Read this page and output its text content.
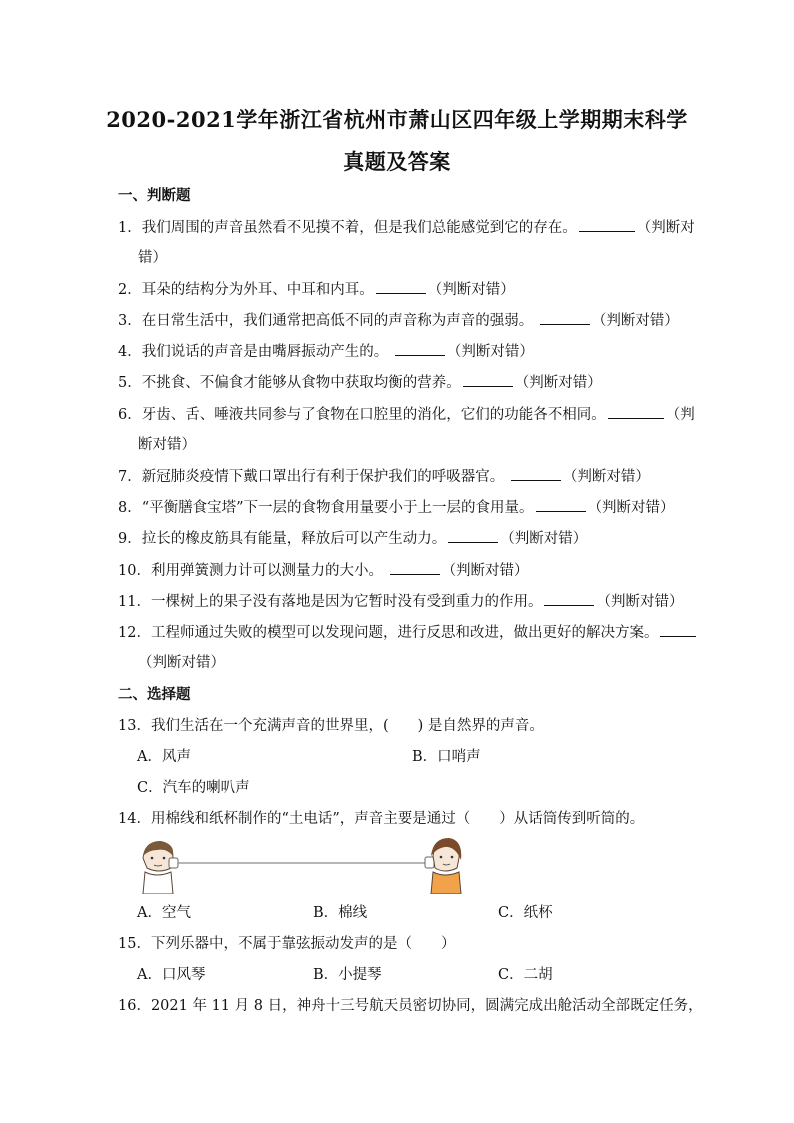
2020-2021学年浙江省杭州市萧山区四年级上学期期末科学
真题及答案
一、判断题
1．我们周围的声音虽然看不见摸不着，但是我们总能感觉到它的存在。	（判断对
错）
2．耳朵的结构分为外耳、中耳和内耳。	（判断对错）
3．在日常生活中，我们通常把高低不同的声音称为声音的强弱。	（判断对错）
4．我们说话的声音是由嘴唇振动产生的。	（判断对错）
5．不挑食、不偏食才能够从食物中获取均衡的营养。	（判断对错）
6．牙齿、舌、唾液共同参与了食物在口腔里的消化，它们的功能各不相同。	（判
断对错）
7．新冠肺炎疫情下戴口罩出行有利于保护我们的呼吸器官。	（判断对错）
8．“平衡膳食宝塔”下一层的食物食用量要小于上一层的食用量。	（判断对错）
9．拉长的橡皮筋具有能量，释放后可以产生动力。	（判断对错）
10．利用弹簧测力计可以测量力的大小。	（判断对错）
11．一棵树上的果子没有落地是因为它暂时没有受到重力的作用。	（判断对错）
12．工程师通过失败的模型可以发现问题，进行反思和改进，做出更好的解决方案。
（判断对错）
二、选择题
13．我们生活在一个充满声音的世界里，(　　) 是自然界的声音。
A．风声	B．口哨声
C．汽车的喇叭声
14．用棉线和纸杯制作的“土电话”，声音主要是通过（　　）从话筒传到听筒的。
A．空气	B．棉线	C．纸杯
15．下列乐器中，不属于靠弦振动发声的是（　　）
A．口风琴	B．小提琴	C．二胡
16．2021 年 11 月 8 日，神舟十三号航天员密切协同，圆满完成出舱活动全部既定任务，
